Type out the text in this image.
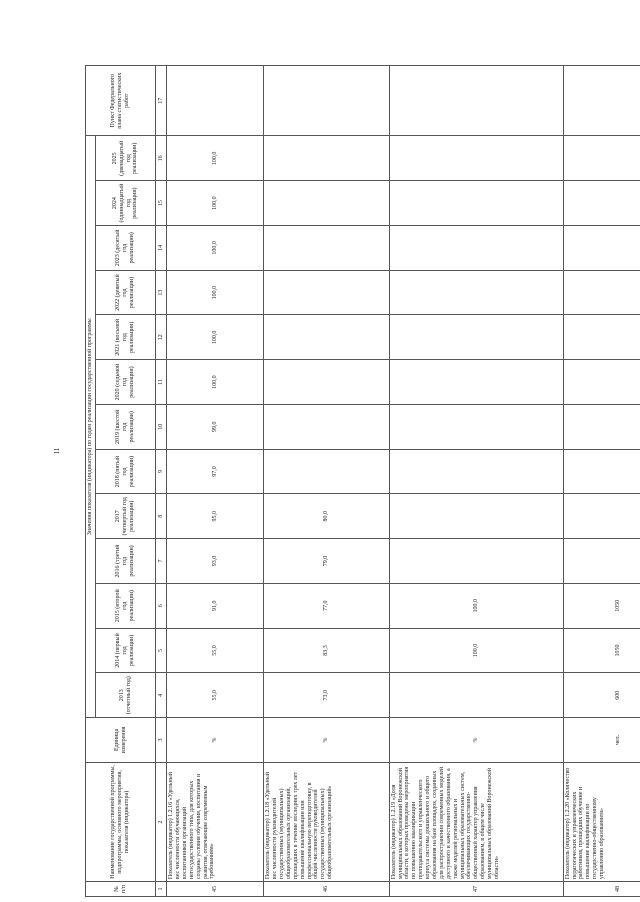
11
№ п/п	Наименование государственной программы, подпрограммы, основного мероприятия, показателя (индикатора)	Единица измерения	Значения показателя (индикатора) по годам реализации государственной программы													Пункт Федерального плана статистических работ
			2013 (отчетный год)	2014 (первый год реализации)	2015 (второй год реализации)	2016 (третий год реализации)	2017 (четвертый год реализации)	2018 (пятый год реализации)	2019 (шестой год реализации)	2020 (седьмой год реализации)	2021 (восьмой год реализации)	2022 (девятый год реализации)	2023 (десятый год реализации)	2024 (одиннадцатый год реализации)	2025 (двенадцатый год реализации)	
1	2	3	4	5	6	7	8	9	10	11	12	13	14	15	16	17
45	Показатель (индикатор) 1.2.16 «Удельный вес численности обучающихся, воспитанников организаций негосударственного типа, для которых созданы условия обучения, воспитания и развития, отвечающие современным требованиям»	%	55,0	55,0	91,0	93,0	95,0	97,0	99,0	100,0	100,0	100,0	100,0	100,0	100,0	
46	Показатель (индикатор) 1.2.18 «Удельный вес численности руководителей государственных (муниципальных) общеобразовательных организаций, прошедших в течение последних трех лет повышение квалификации или профессиональную переподготовку, в общей численности руководителей государственных (муниципальных) общеобразовательных организаций»	%	73,0	83,3	77,0	79,0	80,0									
47	Показатель (индикатор) 1.2.19 «Доля муниципальных образований Воронежской области, в которых проведены мероприятия по повышению квалификации преподавательского и управленческого корпуса системы дошкольного и общего образования на базе площадок, созданных для распространения современных моделей доступного и качественного образования, а также моделей региональных и муниципальных образовательных систем, обеспечивающих государственно-общественный характер управления образованием, в общем числе муниципальных образований Воронежской области»	%		100,0	100,0											
48	Показатель (индикатор) 1.2.20 «Количество педагогических и управленческих работников, прошедших обучение и повышение квалификации по государственно-общественному управлению образованием»	чел.	600	1050	1050											
